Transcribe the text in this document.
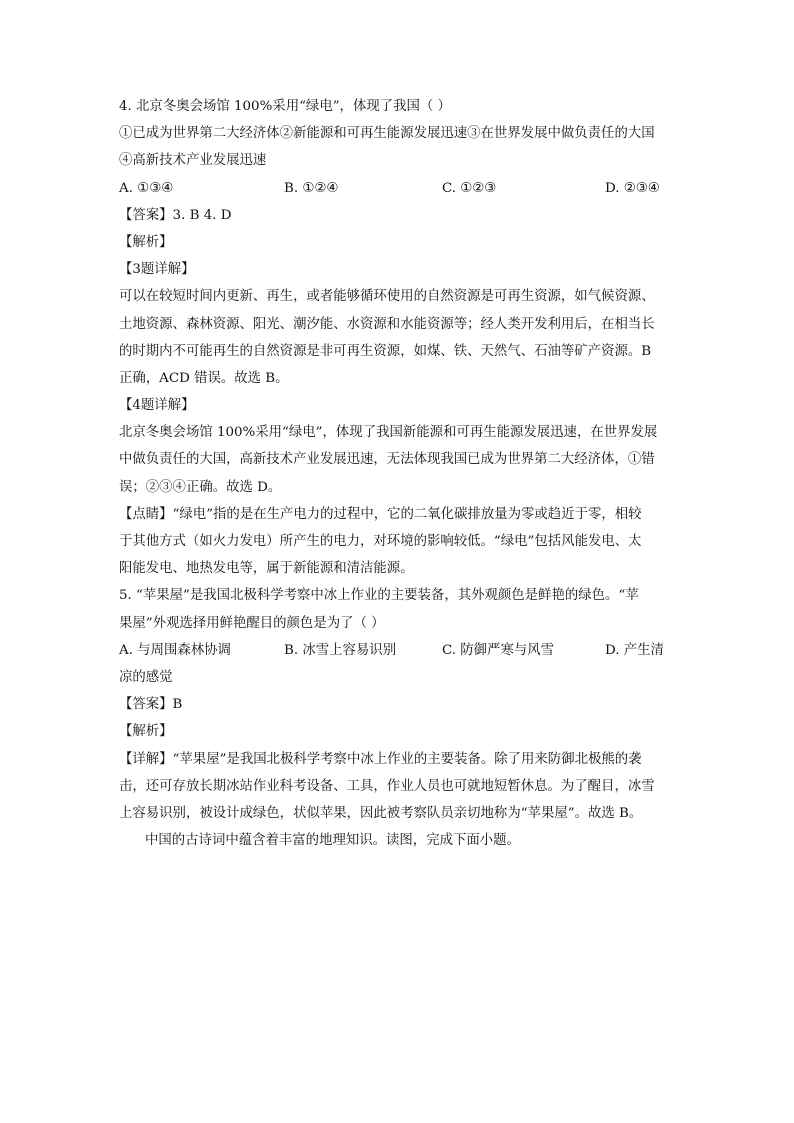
4. 北京冬奥会场馆 100%采用“绿电”，体现了我国（ ）
①已成为世界第二大经济体②新能源和可再生能源发展迅速③在世界发展中做负责任的大国
④高新技术产业发展迅速
A. ①③④	B. ①②④	C. ①②③	D. ②③④
【答案】3. B 4. D
【解析】
【3题详解】
可以在较短时间内更新、再生，或者能够循环使用的自然资源是可再生资源，如气候资源、
土地资源、森林资源、阳光、潮汐能、水资源和水能资源等；经人类开发利用后，在相当长
的时期内不可能再生的自然资源是非可再生资源，如煤、铁、天然气、石油等矿产资源。B
正确，ACD 错误。故选 B。
【4题详解】
北京冬奥会场馆 100%采用“绿电”，体现了我国新能源和可再生能源发展迅速，在世界发展
中做负责任的大国，高新技术产业发展迅速，无法体现我国已成为世界第二大经济体，①错
误；②③④正确。故选 D。
【点睛】“绿电”指的是在生产电力的过程中，它的二氧化碳排放量为零或趋近于零，相较
于其他方式（如火力发电）所产生的电力，对环境的影响较低。“绿电”包括风能发电、太
阳能发电、地热发电等，属于新能源和清洁能源。
5. “苹果屋”是我国北极科学考察中冰上作业的主要装备，其外观颜色是鲜艳的绿色。“苹
果屋”外观选择用鲜艳醒目的颜色是为了（ ）
A. 与周围森林协调	B. 冰雪上容易识别	C. 防御严寒与风雪	D. 产生清
凉的感觉
【答案】B
【解析】
【详解】“苹果屋”是我国北极科学考察中冰上作业的主要装备。除了用来防御北极熊的袭
击，还可存放长期冰站作业科考设备、工具，作业人员也可就地短暂休息。为了醒目，冰雪
上容易识别，被设计成绿色，状似苹果，因此被考察队员亲切地称为“苹果屋”。故选 B。
中国的古诗词中蕴含着丰富的地理知识。读图，完成下面小题。
